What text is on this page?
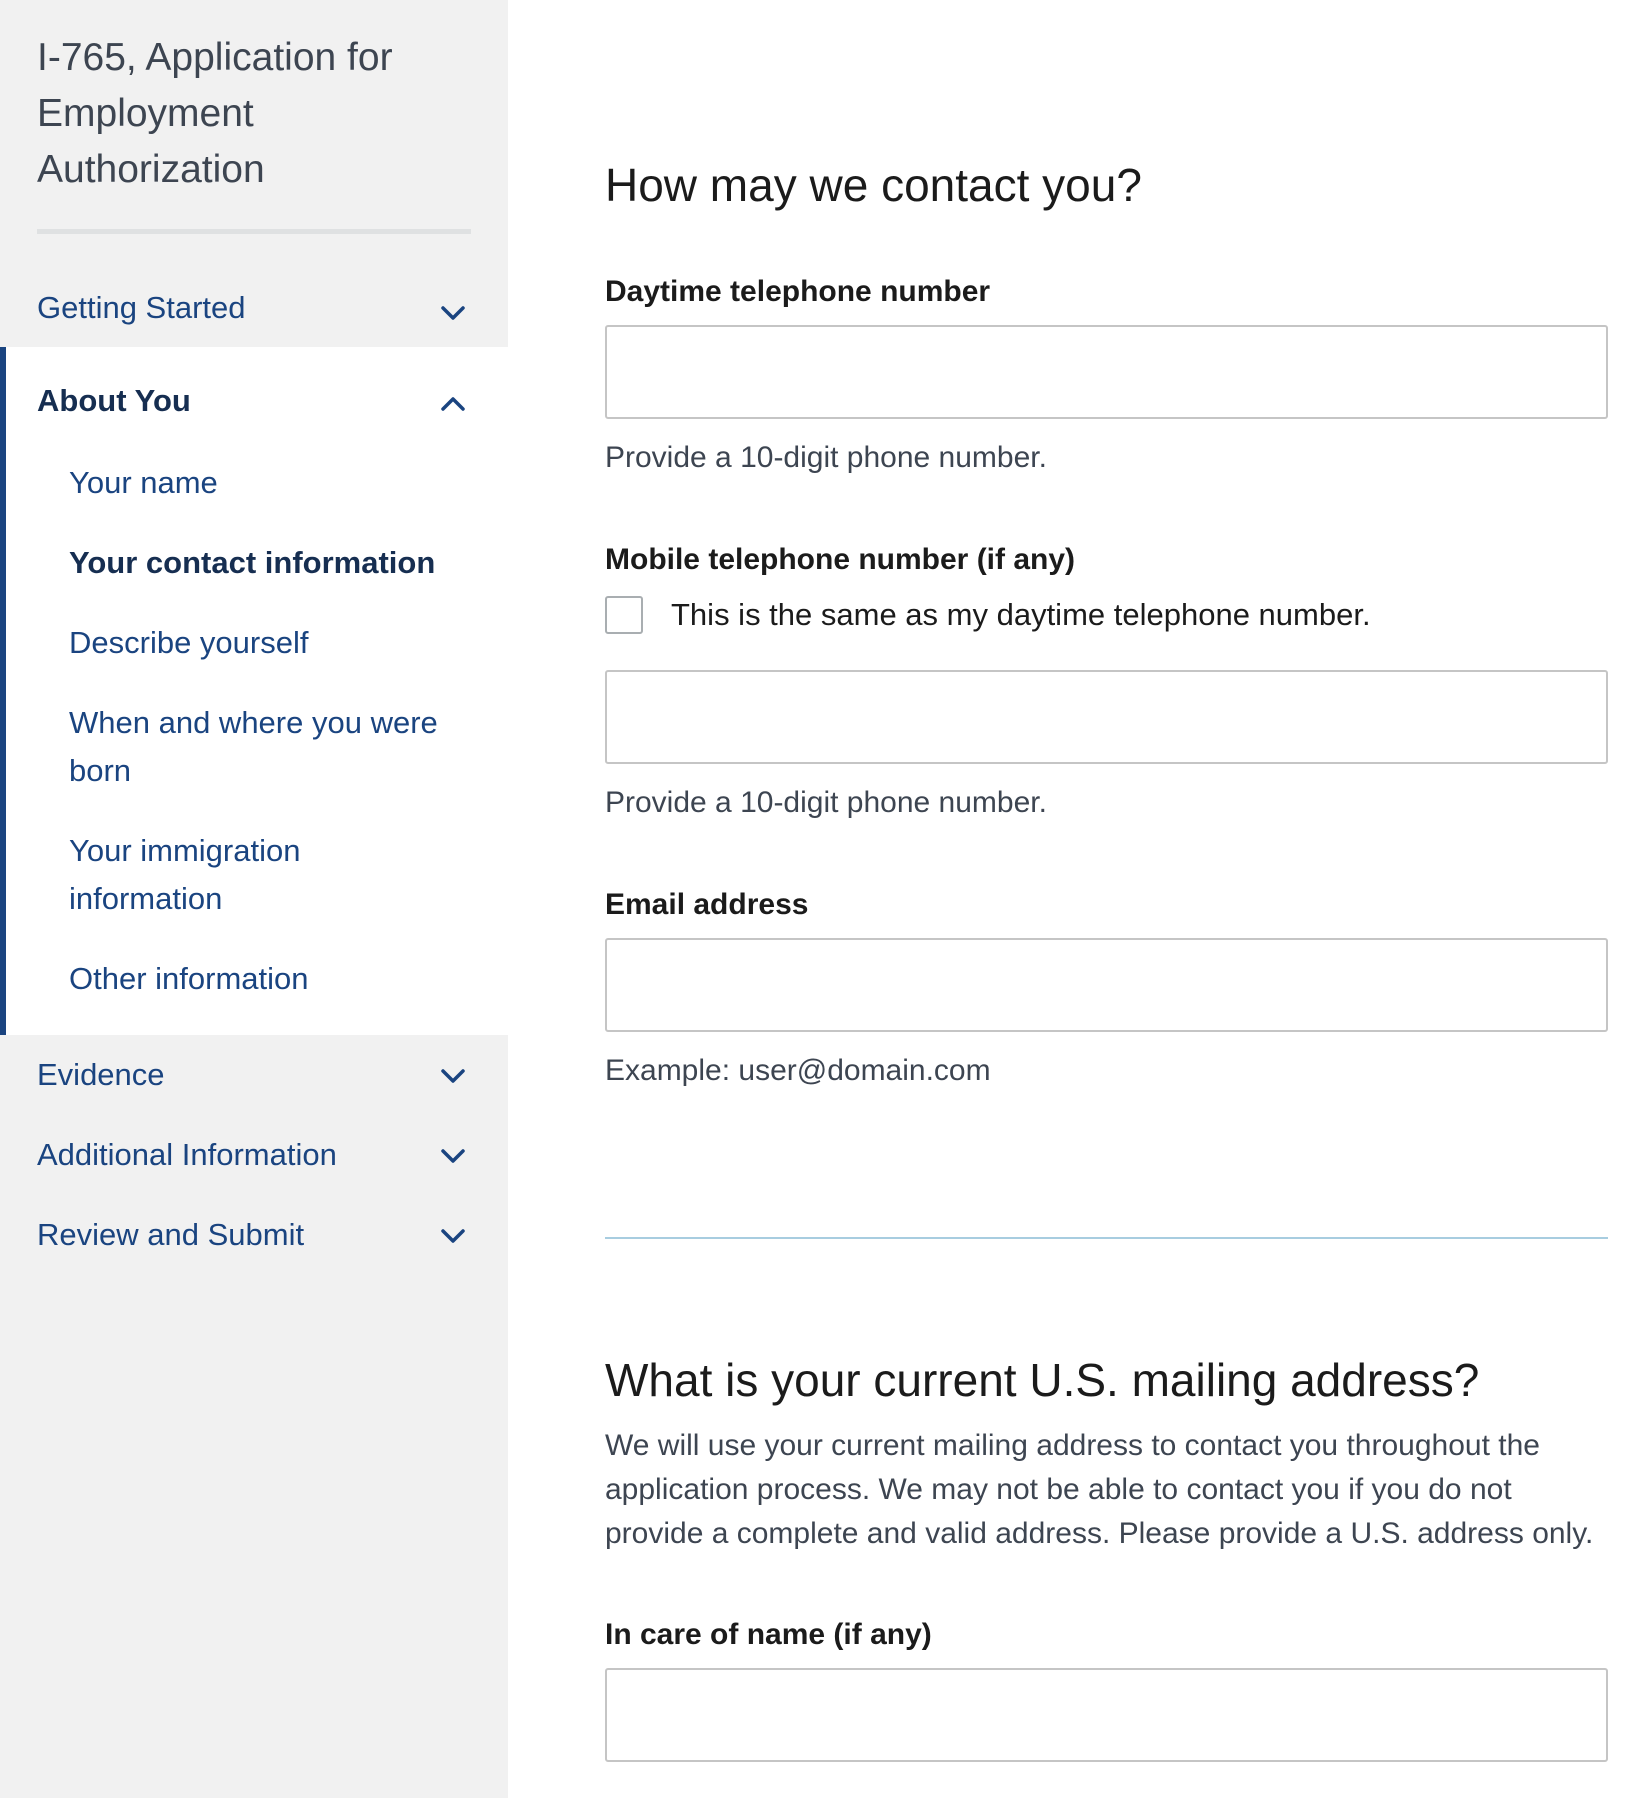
I-765, Application for Employment Authorization
Getting Started
About You
Your name
Your contact information
Describe yourself
When and where you were born
Your immigration information
Other information
Evidence
Additional Information
Review and Submit
How may we contact you?
Daytime telephone number
Provide a 10-digit phone number.
Mobile telephone number (if any)
This is the same as my daytime telephone number.
Provide a 10-digit phone number.
Email address
Example: user@domain.com
What is your current U.S. mailing address?

We will use your current mailing address to contact you throughout the application process. We may not be able to contact you if you do not provide a complete and valid address. Please provide a U.S. address only.

In care of name (if any)
